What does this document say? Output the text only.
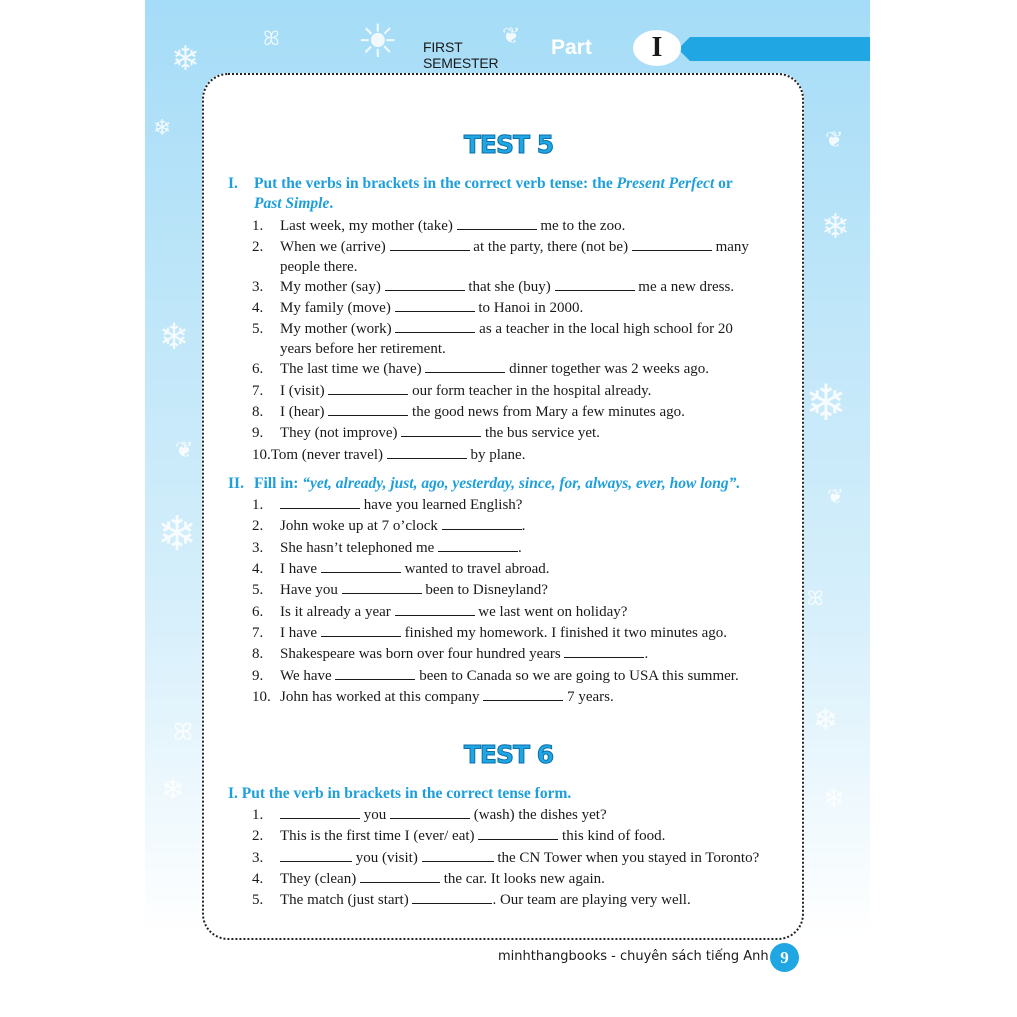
❄
ꕤ ☀	❦
❄	❦
❄
❄
❄
❦
❄
❦
ꕤ
❄
ꕤ
❄	❄
FIRST SEMESTER
Part	I
TEST 5
I. Put the verbs in brackets in the correct verb tense: the Present Perfect or
Past Simple.
1. Last week, my mother (take)	me to the zoo.
2. When we (arrive)	at the party, there (not be)	many
people there.
3. My mother (say)	that she (buy)	me a new dress.
4. My family (move)	to Hanoi in 2000.
5. My mother (work)	as a teacher in the local high school for 20
years before her retirement.
6. The last time we (have)	dinner together was 2 weeks ago.
7. I (visit)	our form teacher in the hospital already.
8. I (hear)	the good news from Mary a few minutes ago.
9. They (not improve)	the bus service yet.
10.Tom (never travel)	by plane.
II. Fill in: “yet, already, just, ago, yesterday, since, for, always, ever, how long”.
1.	have you learned English?
2. John woke up at 7 o’clock	.
3. She hasn’t telephoned me	.
4. I have	wanted to travel abroad.
5. Have you	been to Disneyland?
6. Is it already a year	we last went on holiday?
7. I have	finished my homework. I finished it two minutes ago.
8. Shakespeare was born over four hundred years	.
9. We have	been to Canada so we are going to USA this summer.
10. John has worked at this company	7 years.
TEST 6
I. Put the verb in brackets in the correct tense form.
1.	you	(wash) the dishes yet?
2. This is the first time I (ever/ eat)	this kind of food.
3.	you (visit)	the CN Tower when you stayed in Toronto?
4. They (clean)	the car. It looks new again.
5. The match (just start)	. Our team are playing very well.
minhthangbooks - chuyên sách tiếng Anh 9
